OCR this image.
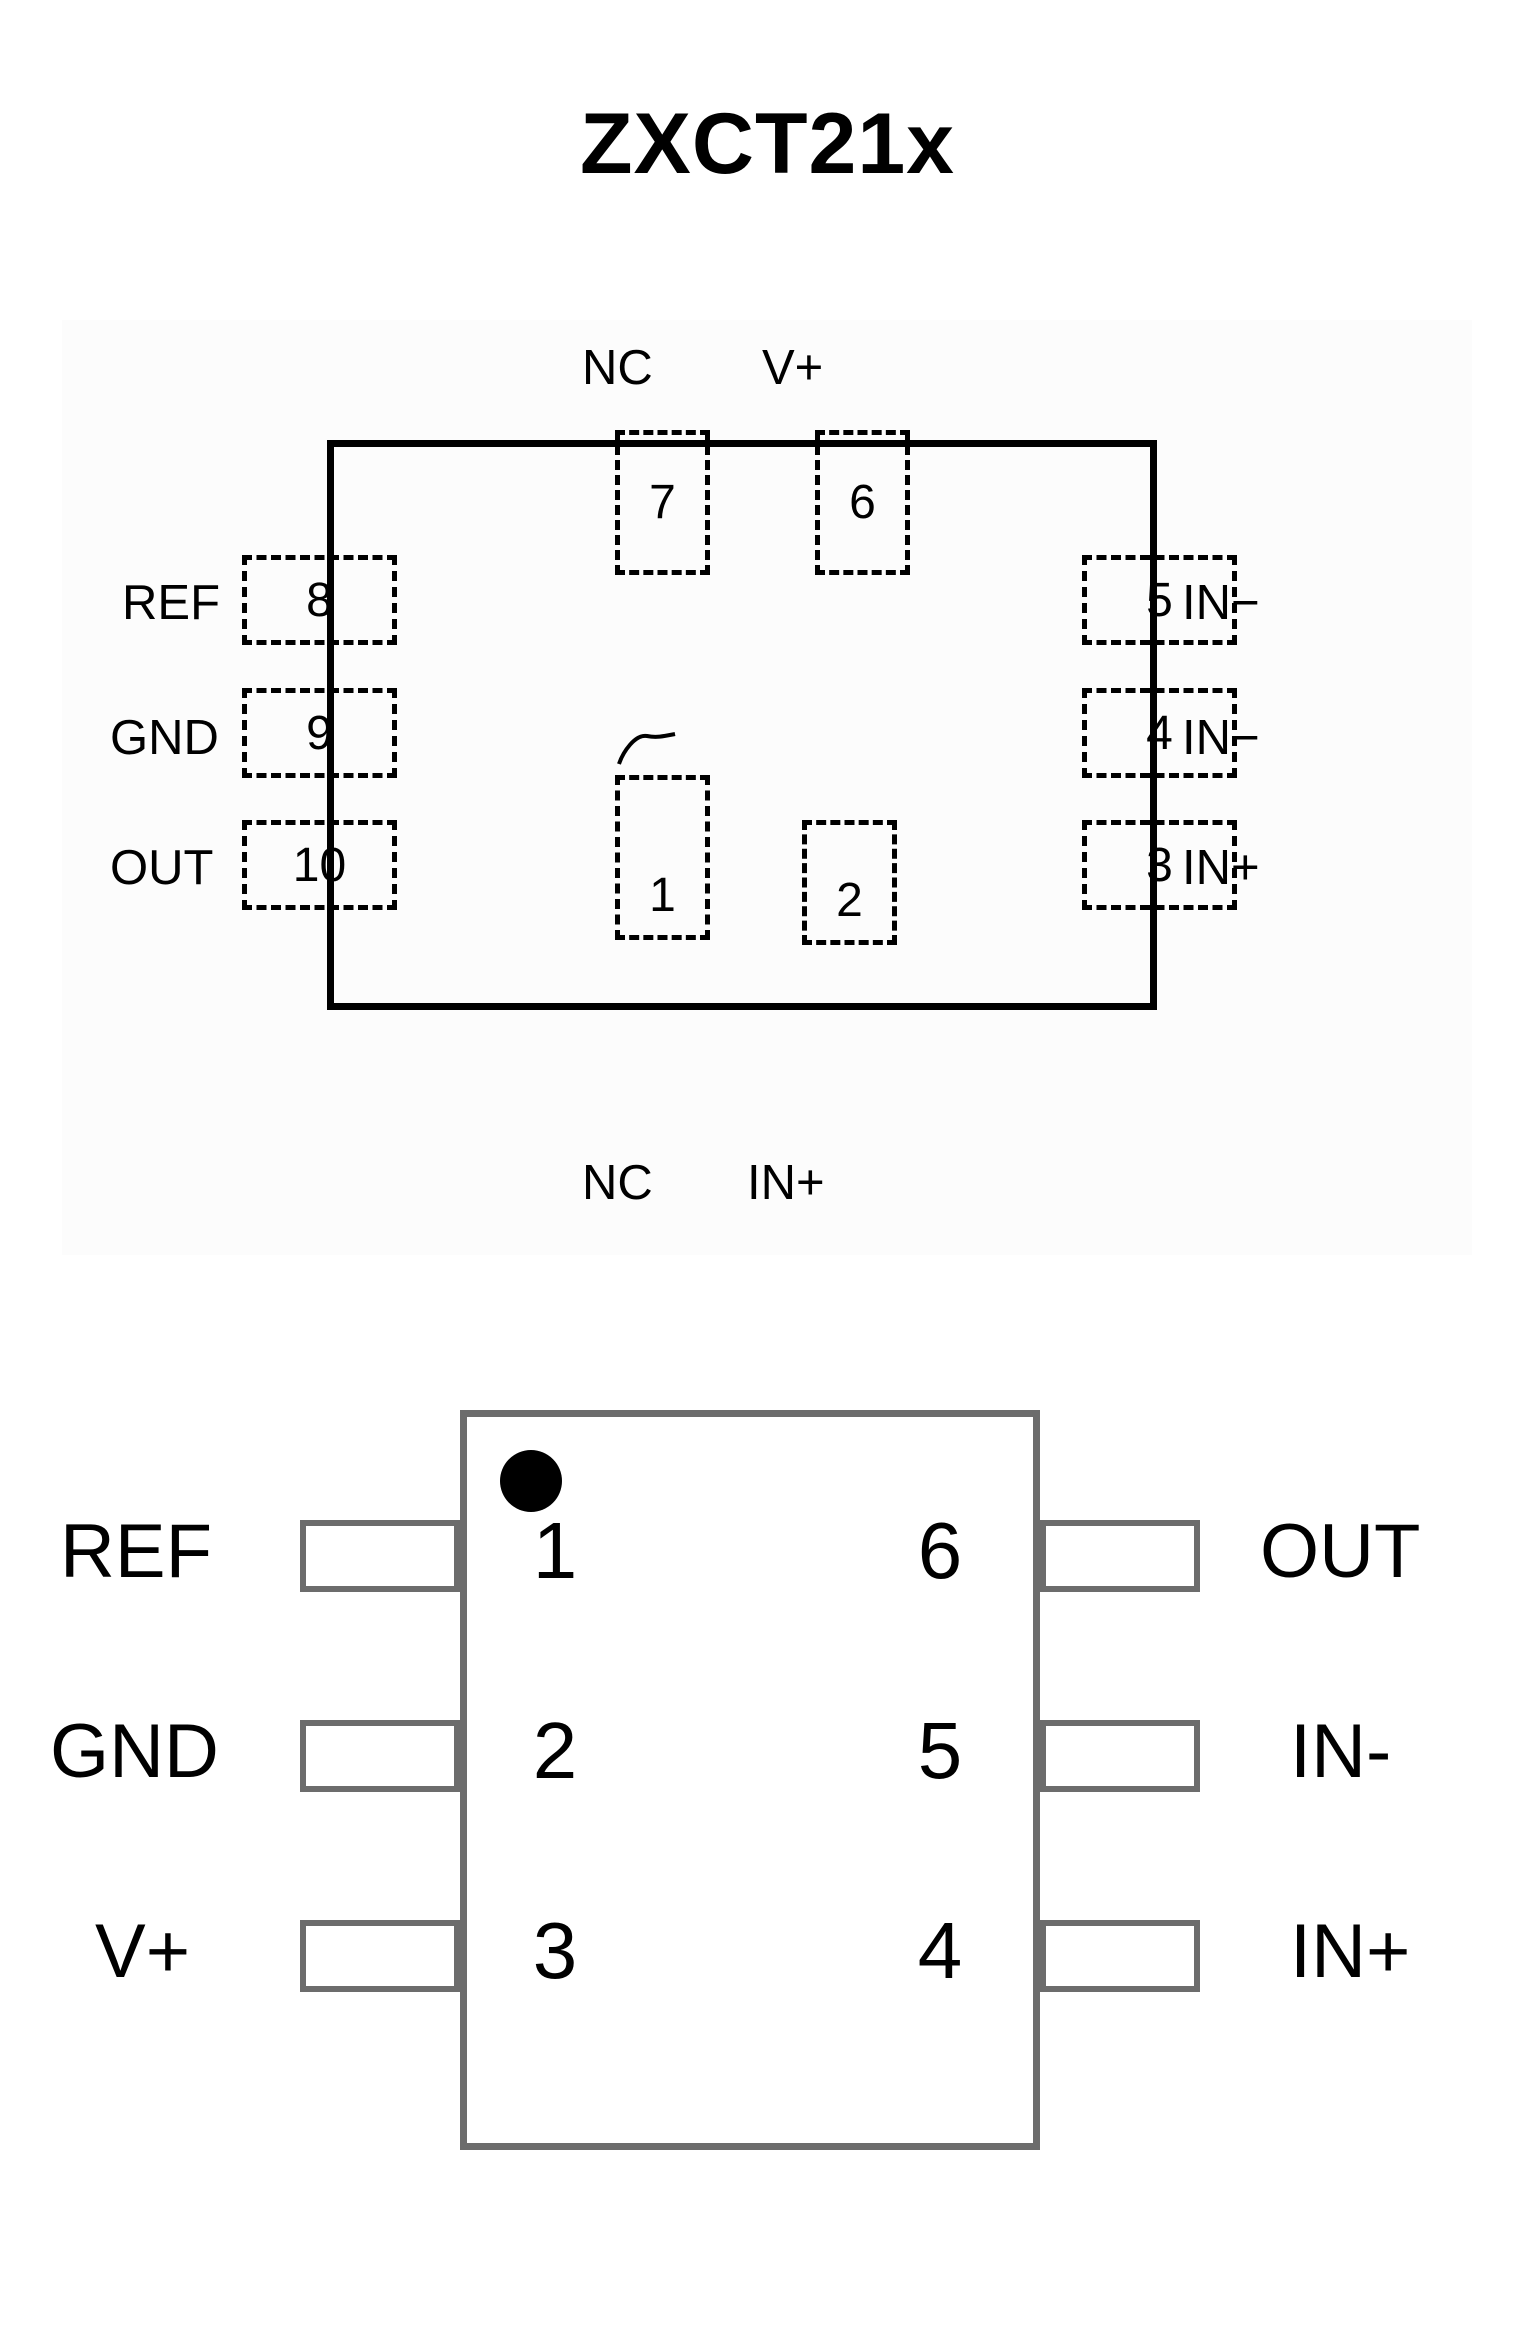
ZXCT21x
NC V+
NC IN+
REF
GND
OUT
IN−
IN−
IN+
8
9
10
5
4
3
7	6
1	2
1
2
3
6
5
4
REF
GND
V+
OUT
IN-
IN+
